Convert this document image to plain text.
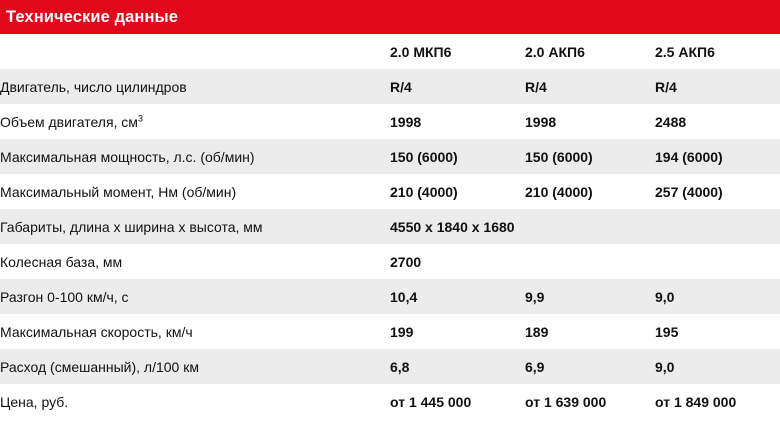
Технические данные
	2.0 МКП6	2.0 АКП6	2.5 АКП6
Двигатель, число цилиндров	R/4	R/4	R/4
Объем двигателя, $см^3$	1998	1998	2488
Максимальная мощность, л.с. (об/мин)	150 (6000)	150 (6000)	194 (6000)
Максимальный момент, Нм (об/мин)	210 (4000)	210 (4000)	257 (4000)
Габариты, длина х ширина х высота, мм	4550 x 1840 x 1680		
Колесная база, мм	2700		
Разгон 0-100 км/ч, с	10,4	9,9	9,0
Максимальная скорость, км/ч	199	189	195
Расход (смешанный), л/100 км	6,8	6,9	9,0
Цена, руб.	от 1 445 000	от 1 639 000	от 1 849 000
